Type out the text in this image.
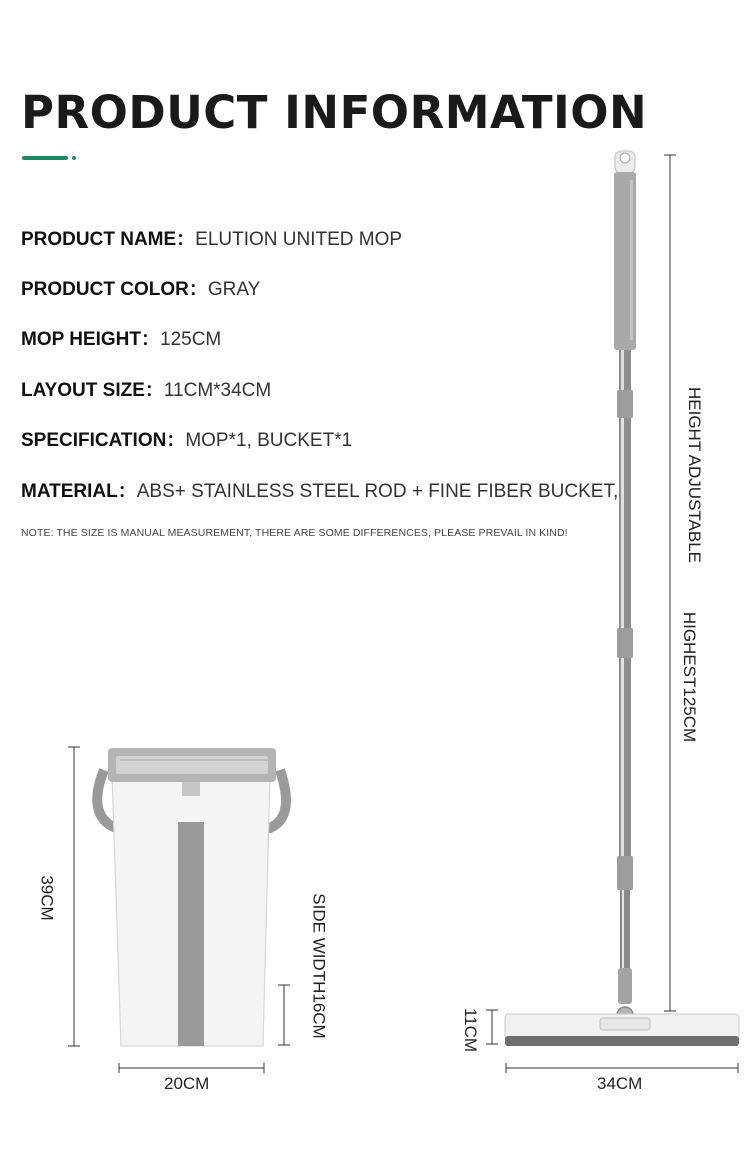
PRODUCT INFORMATION
PRODUCT NAME：ELUTION UNITED MOP
PRODUCT COLOR：GRAY
MOP HEIGHT：125CM
LAYOUT SIZE：11CM*34CM
SPECIFICATION：MOP*1, BUCKET*1
MATERIAL：ABS+ STAINLESS STEEL ROD + FINE FIBER BUCKET,
NOTE: THE SIZE IS MANUAL MEASUREMENT, THERE ARE SOME DIFFERENCES, PLEASE PREVAIL IN KIND!	HEIGHT ADJUSTABLE
HIGHEST125CM
11CM
34CM
39CM	SIDE WIDTH16CM
20CM
